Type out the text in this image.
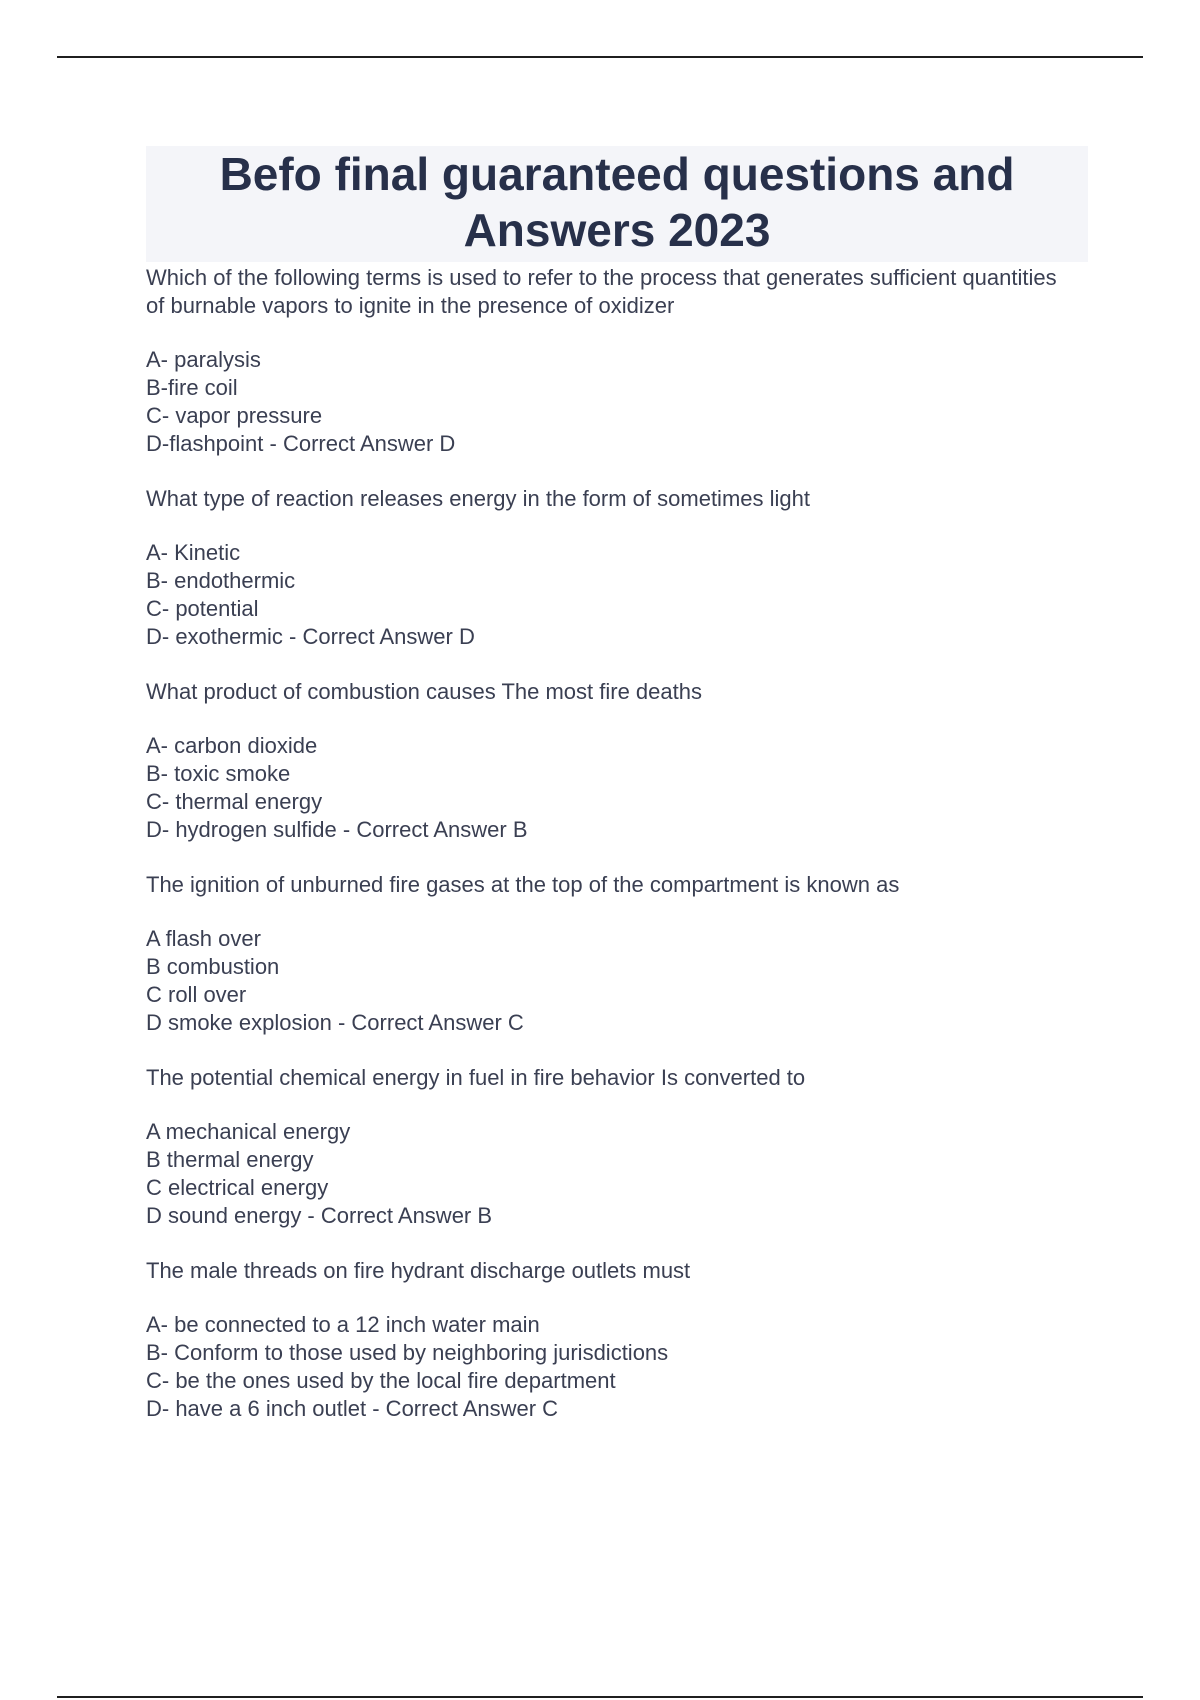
Befo final guaranteed questions and Answers 2023

Which of the following terms is used to refer to the process that generates sufficient quantities of burnable vapors to ignite in the presence of oxidizer

A- paralysis
B-fire coil
C- vapor pressure
D-flashpoint - Correct Answer D

What type of reaction releases energy in the form of sometimes light

A- Kinetic
B- endothermic
C- potential
D- exothermic - Correct Answer D

What product of combustion causes The most fire deaths

A- carbon dioxide
B- toxic smoke
C- thermal energy
D- hydrogen sulfide - Correct Answer B

The ignition of unburned fire gases at the top of the compartment is known as

A flash over
B combustion
C roll over
D smoke explosion - Correct Answer C

The potential chemical energy in fuel in fire behavior Is converted to

A mechanical energy
B thermal energy
C electrical energy
D sound energy - Correct Answer B

The male threads on fire hydrant discharge outlets must

A- be connected to a 12 inch water main
B- Conform to those used by neighboring jurisdictions
C- be the ones used by the local fire department
D- have a 6 inch outlet - Correct Answer C
